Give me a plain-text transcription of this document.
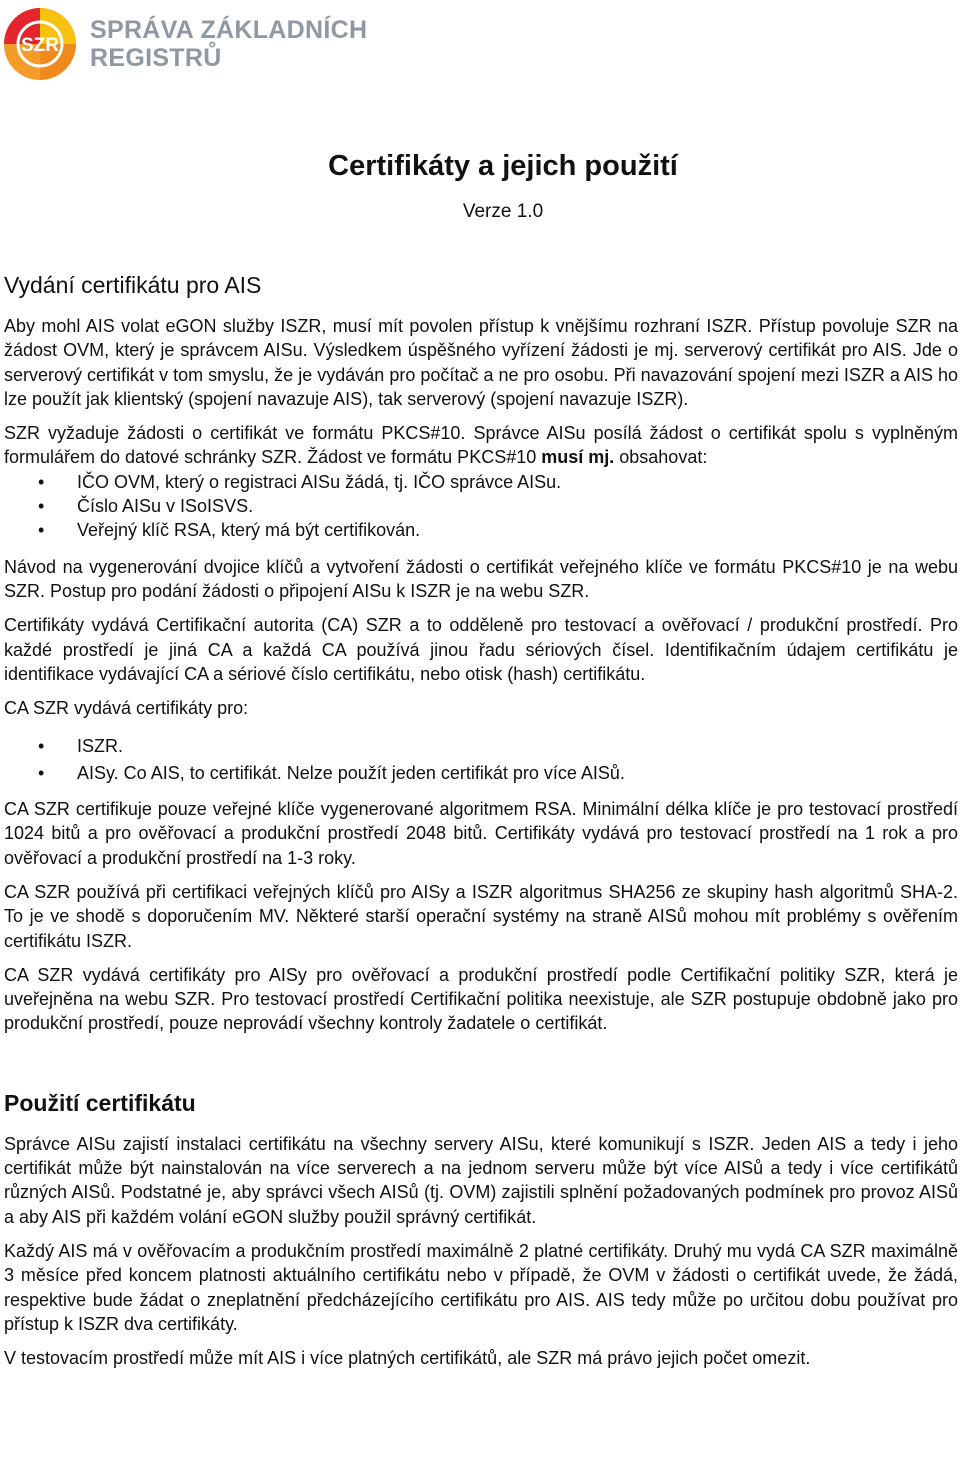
SZR
SPRÁVA ZÁKLADNÍCH
REGISTRŮ
Certifikáty a jejich použití
Verze 1.0
Vydání certifikátu pro AIS

Aby mohl AIS volat eGON služby ISZR, musí mít povolen přístup k vnějšímu rozhraní ISZR. Přístup povoluje SZR na žádost OVM, který je správcem AISu. Výsledkem úspěšného vyřízení žádosti je mj. serverový certifikát pro AIS. Jde o serverový certifikát v tom smyslu, že je vydáván pro počítač a ne pro osobu. Při navazování spojení mezi ISZR a AIS ho lze použít jak klientský (spojení navazuje AIS), tak serverový (spojení navazuje ISZR).

SZR vyžaduje žádosti o certifikát ve formátu PKCS#10. Správce AISu posílá žádost o certifikát spolu s vyplněným formulářem do datové schránky SZR. Žádost ve formátu PKCS#10 musí mj. obsahovat:

• IČO OVM, který o registraci AISu žádá, tj. IČO správce AISu.
• Číslo AISu v ISoISVS.
• Veřejný klíč RSA, který má být certifikován.

Návod na vygenerování dvojice klíčů a vytvoření žádosti o certifikát veřejného klíče ve formátu PKCS#10 je na webu SZR. Postup pro podání žádosti o připojení AISu k ISZR je na webu SZR.

Certifikáty vydává Certifikační autorita (CA) SZR a to odděleně pro testovací a ověřovací / produkční prostředí. Pro každé prostředí je jiná CA a každá CA používá jinou řadu sériových čísel. Identifikačním údajem certifikátu je identifikace vydávající CA a sériové číslo certifikátu, nebo otisk (hash) certifikátu.

CA SZR vydává certifikáty pro:

• ISZR.
• AISy. Co AIS, to certifikát. Nelze použít jeden certifikát pro více AISů.

CA SZR certifikuje pouze veřejné klíče vygenerované algoritmem RSA. Minimální délka klíče je pro testovací prostředí 1024 bitů a pro ověřovací a produkční prostředí 2048 bitů. Certifikáty vydává pro testovací prostředí na 1 rok a pro ověřovací a produkční prostředí na 1-3 roky.

CA SZR používá při certifikaci veřejných klíčů pro AISy a ISZR algoritmus SHA256 ze skupiny hash algoritmů SHA-2. To je ve shodě s doporučením MV. Některé starší operační systémy na straně AISů mohou mít problémy s ověřením certifikátu ISZR.

CA SZR vydává certifikáty pro AISy pro ověřovací a produkční prostředí podle Certifikační politiky SZR, která je uveřejněna na webu SZR. Pro testovací prostředí Certifikační politika neexistuje, ale SZR postupuje obdobně jako pro produkční prostředí, pouze neprovádí všechny kontroly žadatele o certifikát.

Použití certifikátu

Správce AISu zajistí instalaci certifikátu na všechny servery AISu, které komunikují s ISZR. Jeden AIS a tedy i jeho certifikát může být nainstalován na více serverech a na jednom serveru může být více AISů a tedy i více certifikátů různých AISů. Podstatné je, aby správci všech AISů (tj. OVM) zajistili splnění požadovaných podmínek pro provoz AISů a aby AIS při každém volání eGON služby použil správný certifikát.

Každý AIS má v ověřovacím a produkčním prostředí maximálně 2 platné certifikáty. Druhý mu vydá CA SZR maximálně 3 měsíce před koncem platnosti aktuálního certifikátu nebo v případě, že OVM v žádosti o certifikát uvede, že žádá, respektive bude žádat o zneplatnění předcházejícího certifikátu pro AIS. AIS tedy může po určitou dobu používat pro přístup k ISZR dva certifikáty.

V testovacím prostředí může mít AIS i více platných certifikátů, ale SZR má právo jejich počet omezit.
